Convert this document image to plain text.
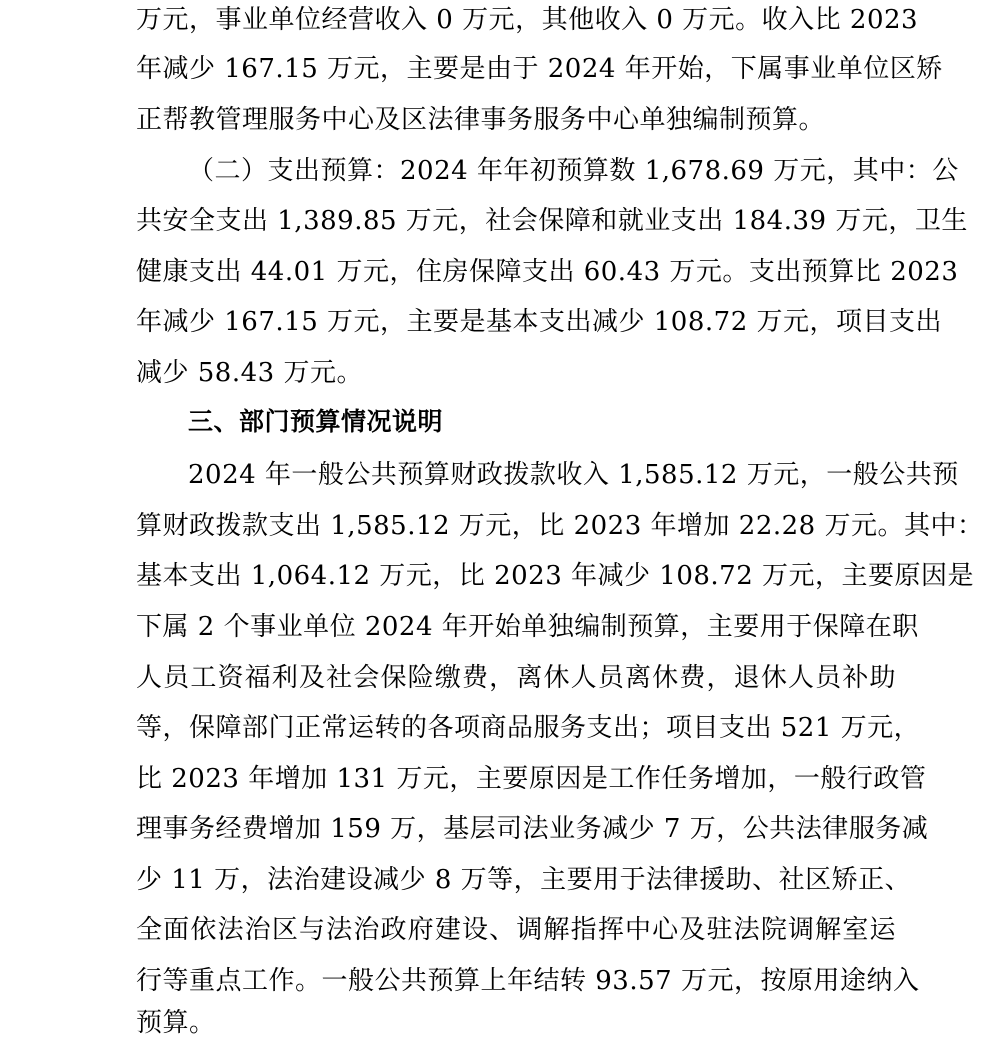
万元，事业单位经营收入 0 万元，其他收入 0 万元。收入比 2023
年减少 167.15 万元，主要是由于 2024 年开始，下属事业单位区矫
正帮教管理服务中心及区法律事务服务中心单独编制预算。
（二）支出预算：2024 年年初预算数 1,678.69 万元，其中：公
共安全支出 1,389.85 万元，社会保障和就业支出 184.39 万元，卫生
健康支出 44.01 万元，住房保障支出 60.43 万元。支出预算比 2023
年减少 167.15 万元，主要是基本支出减少 108.72 万元，项目支出
减少 58.43 万元。
三、部门预算情况说明
2024 年一般公共预算财政拨款收入 1,585.12 万元，一般公共预
算财政拨款支出 1,585.12 万元，比 2023 年增加 22.28 万元。其中：
基本支出 1,064.12 万元，比 2023 年减少 108.72 万元，主要原因是
下属 2 个事业单位 2024 年开始单独编制预算，主要用于保障在职
人员工资福利及社会保险缴费，离休人员离休费，退休人员补助
等，保障部门正常运转的各项商品服务支出；项目支出 521 万元，
比 2023 年增加 131 万元，主要原因是工作任务增加，一般行政管
理事务经费增加 159 万，基层司法业务减少 7 万，公共法律服务减
少 11 万，法治建设减少 8 万等，主要用于法律援助、社区矫正、
全面依法治区与法治政府建设、调解指挥中心及驻法院调解室运
行等重点工作。一般公共预算上年结转 93.57 万元，按原用途纳入
预算。
